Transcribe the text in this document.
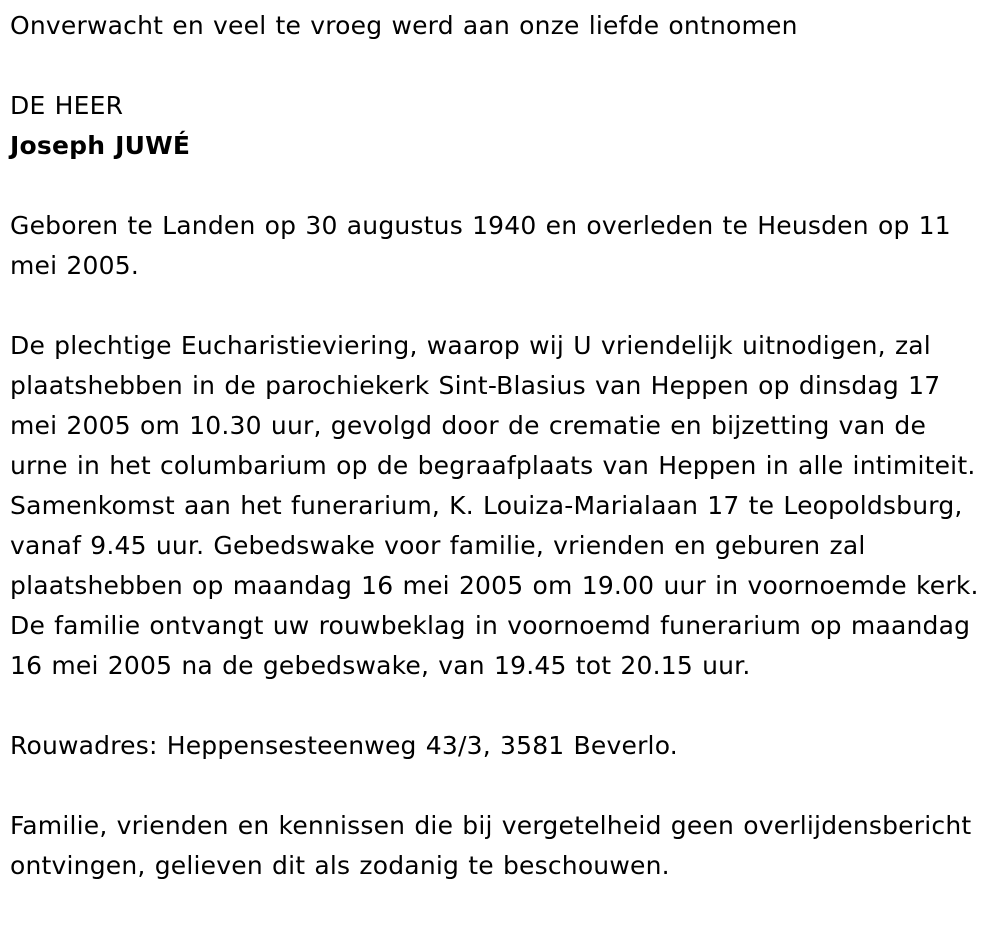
Onverwacht en veel te vroeg werd aan onze liefde ontnomen

DE HEER

Joseph JUWÉ

Geboren te Landen op 30 augustus 1940 en overleden te Heusden op 11 mei 2005.

De plechtige Eucharistieviering, waarop wij U vriendelijk uitnodigen, zal plaatshebben in de parochiekerk Sint-Blasius van Heppen op dinsdag 17 mei 2005 om 10.30 uur, gevolgd door de crematie en bijzetting van de urne in het columbarium op de begraafplaats van Heppen in alle intimiteit. Samenkomst aan het funerarium, K. Louiza-Marialaan 17 te Leopoldsburg, vanaf 9.45 uur. Gebedswake voor familie, vrienden en geburen zal plaatshebben op maandag 16 mei 2005 om 19.00 uur in voornoemde kerk. De familie ontvangt uw rouwbeklag in voornoemd funerarium op maandag 16 mei 2005 na de gebedswake, van 19.45 tot 20.15 uur.

Rouwadres: Heppensesteenweg 43/3, 3581 Beverlo.

Familie, vrienden en kennissen die bij vergetelheid geen overlijdensbericht ontvingen, gelieven dit als zodanig te beschouwen.
